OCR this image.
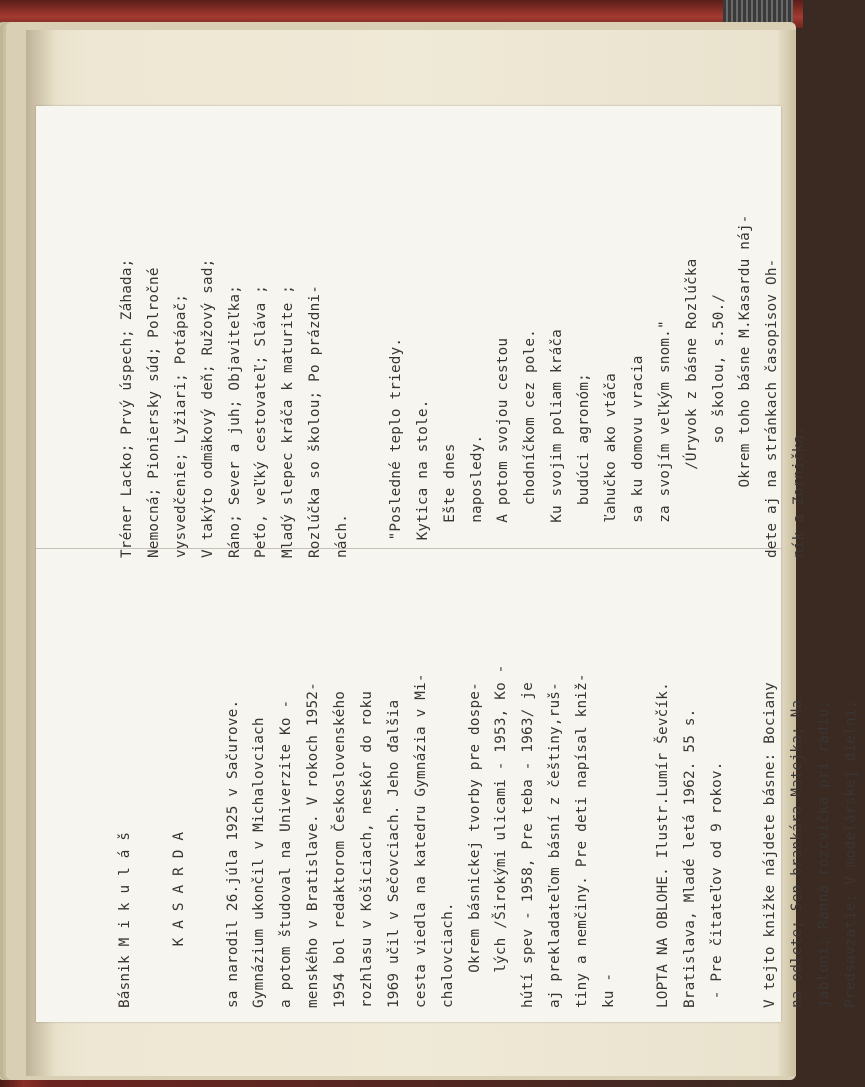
Básnik M i k u l á š	K A S A R D A	sa narodil 26.júla 1925 v Sačurove. Gymnázium ukončil v Michalovciach a potom študoval na Univerzite Ko - menského v Bratislave. V rokoch 1952- 1954 bol redaktorom Československého rozhlasu v Košiciach, neskôr do roku 1969 učil v Sečovciach. Jeho ďalšia cesta viedla na katedru Gymnázia v Mi- chalovciach. Okrem básnickej tvorby pre dospe- lých /Širokými ulicami - 1953, Ko - hútí spev - 1958, Pre teba - 1963/ je aj prekladateľom básní z češtiny,ruš- tiny a nemčiny. Pre deti napísal kniž- ku -	LOPTA NA OBLOHE. Ilustr.Lumír Ševčík. Bratislava, Mladé letá 1962. 55 s. - Pre čitateľov od 9 rokov.	V tejto knižke nájdete básne: Bociany na odlete; Sen brankára Matejka; Na jabloni; Ranná rozcvička pri rádiu; Predsavzatie; V modelárskej dielni;
Tréner Lacko; Prvý úspech; Záhada; Nemocná; Pioniersky súd; Polročné vysvedčenie; Lyžiari; Potápač; V takýto odmäkový deň; Ružový sad; Ráno; Sever a juh; Objaviteľka; Peťo, veľký cestovateľ; Sláva ; Mladý slepec kráča k maturite ; Rozlúčka so školou; Po prázdni- nách.	"Posledné teplo triedy. Kytica na stole. Ešte dnes naposledy. A potom svojou cestou chodníčkom cez pole. Ku svojim poliam kráča budúci agronóm; ľahučko ako vtáča sa ku domovu vracia za svojím veľkým snom." /Úryvok z básne Rozlúčka so školou, s.50./ Okrem toho básne M.Kasardu náj- dete aj na stránkach časopisov Oh- ník a Zornička.
